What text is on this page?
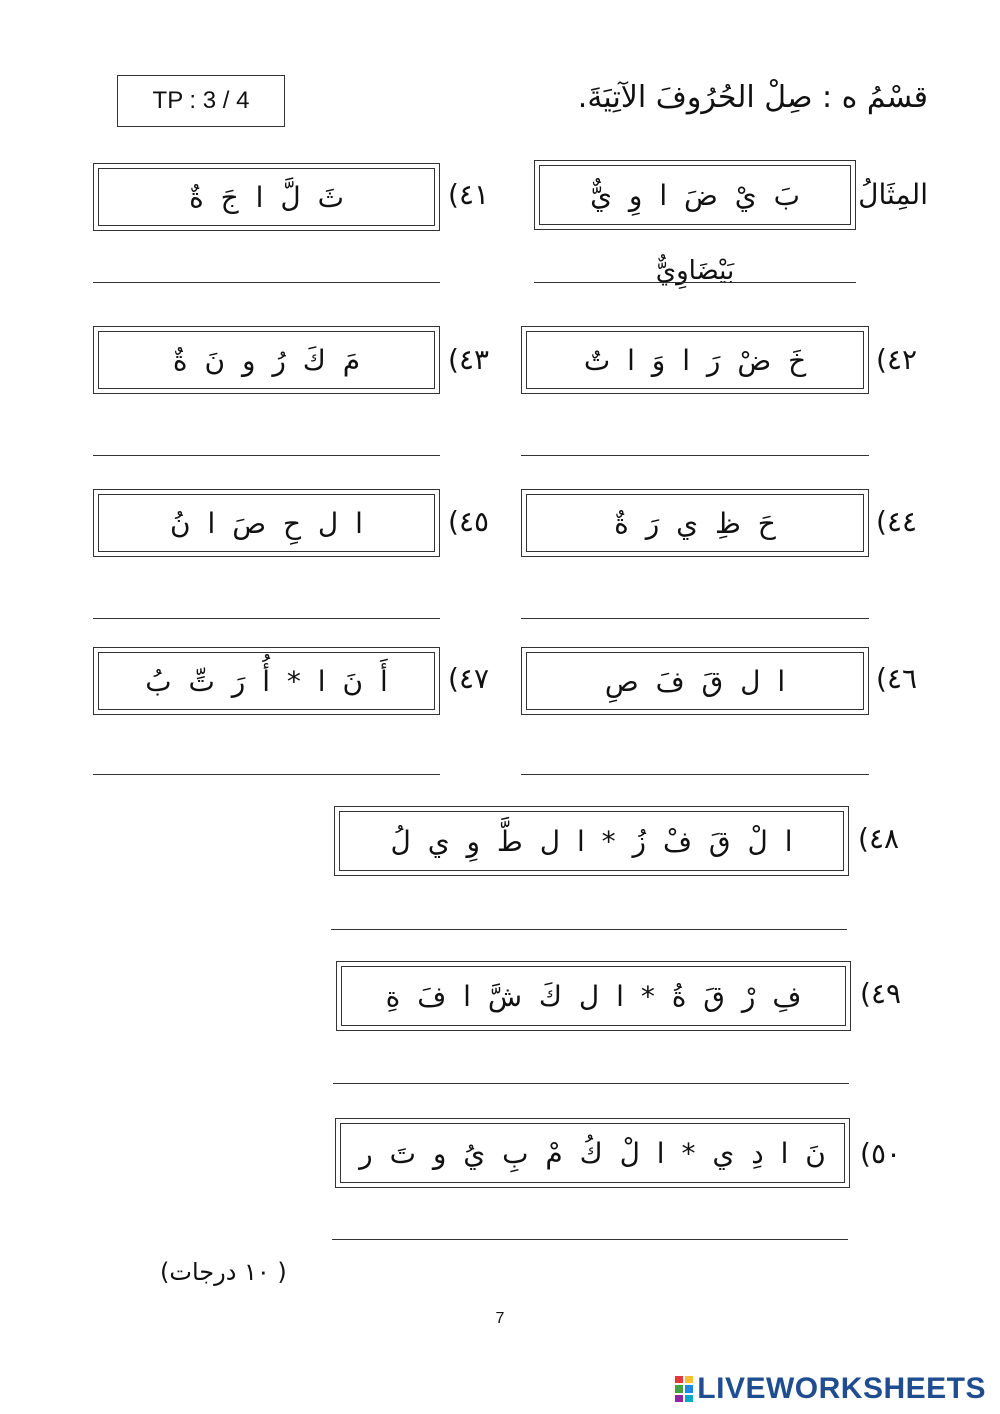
TP : 3 / 4	قسْمُ ه : صِلْ الحُرُوفَ الآتِيَةَ.
المِثَالُ
بَ يْ ضَ ا وِ يٌّ
بَيْضَاوِيٌّ
٤١)
ثَ لَّ ا جَ ةٌ
٤٢)
خَ ضْ رَ ا وَ ا تٌ
٤٣)
مَ كَ رُ و نَ ةٌ
٤٤)
حَ ظِ ي رَ ةٌ
٤٥)
ا ل حِ صَ ا نُ
٤٦)
ا ل قَ فَ صِ
٤٧)
أَ نَ ا * أُ رَ تِّ بُ
٤٨)
ا لْ قَ فْ زُ * ا ل طَّ وِ ي لُ
٤٩)
فِ رْ قَ ةُ * ا ل كَ شَّ ا فَ ةِ
٥٠)
نَ ا دِ ي * ا لْ كُ مْ بِ يُ و تَ ر
( ١٠ درجات)
7
LIVEWORKSHEETS
